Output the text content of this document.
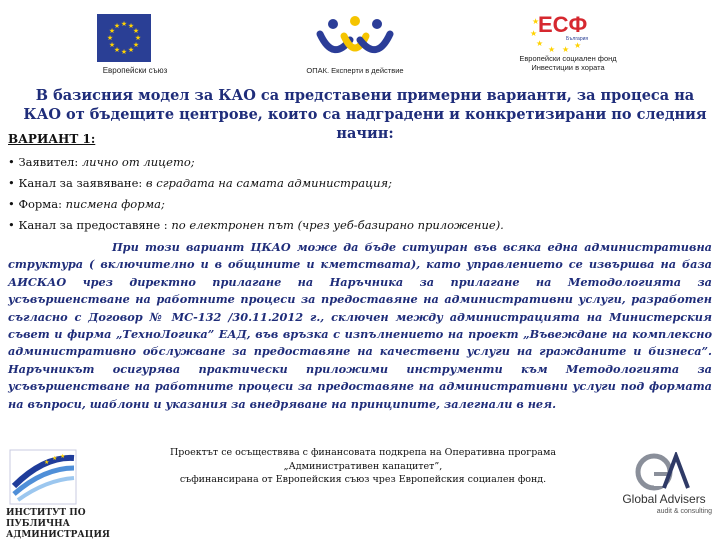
★ ★
★
★
★
★
★
★
★
★
★
★
Европейски съюз	ОПАК. Експерти в действие
★
★
★
★ ★ ★
ЕСФ
България
Европейски социален фонд
Инвестиции в хората
В базисния модел за КАО са представени примерни варианти, за процеса на КАО от бъдещите центрове, които са надградени и конкретизирани по следния начин:
ВАРИАНТ 1:
• Заявител: лично от лицето;
• Канал за заявяване: в сградата на самата администрация;
• Форма: писмена форма;
• Канал за предоставяне : по електронен път (чрез уеб-базирано приложение).
При този вариант ЦКАО може да бъде ситуиран във всяка една административна структура ( включително и в общините и кметствата), като управлението се извършва на база АИСКАО чрез директно прилагане на Наръчника за прилагане на Методологията за усъвършенстване на работните процеси за предоставяне на административни услуги, разработен съгласно с Договор № МС-132 /30.11.2012 г., сключен между администрацията на Министерския съвет и фирма „ТехноЛогика” ЕАД, във връзка с изпълнението на проект „Въвеждане на комплексно административно обслужване за предоставяне на качествени услуги на гражданите и бизнеса”. Наръчникът осигурява практически приложими инструменти към Методологията за усъвършенстване на работните процеси за предоставяне на административни услуги под формата на въпроси, шаблони и указания за внедряване на принципите, залегнали в нея.
★
★ ★
ИНСТИТУТ ПО ПУБЛИЧНА
АДМИНИСТРАЦИЯ
Проектът се осъществява с финансовата подкрепа на Оперативна програма
„Административен капацитет”,
съфинансирана от Европейския съюз чрез Европейския социален фонд.
Global Advisers
audit & consulting
